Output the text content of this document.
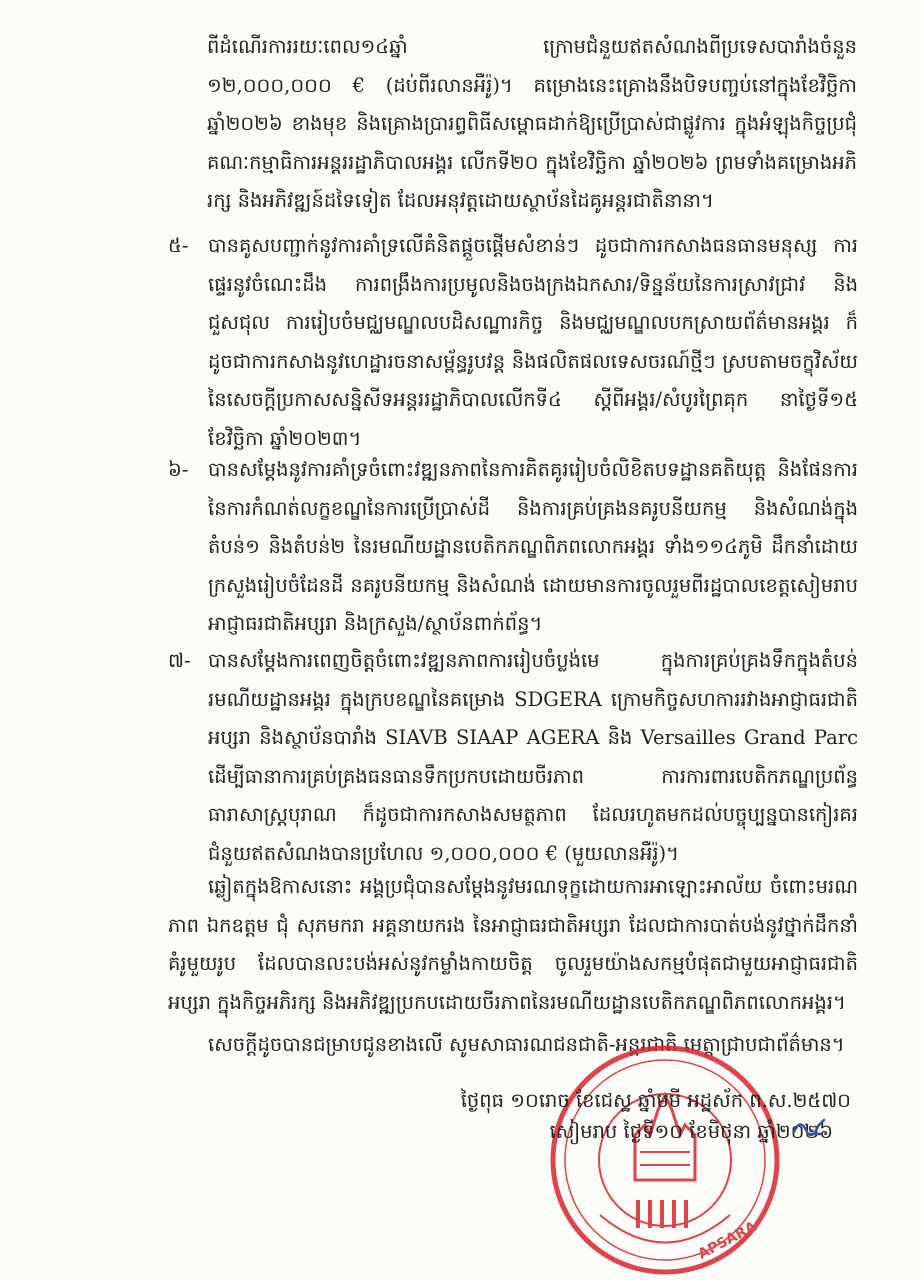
ពីដំណើរការរយៈពេល១៤ឆ្នាំ ក្រោមជំនួយឥតសំណងពីប្រទេសបារាំងចំនួន ១២,០០០,០០០ € (ដប់ពីរលានអឺរ៉ូ)។ គម្រោងនេះគ្រោងនឹងបិទបញ្ចប់នៅក្នុងខែវិច្ឆិកា ឆ្នាំ២០២៦ ខាងមុខ និងគ្រោងប្រារព្ធពិធីសម្ពោធដាក់ឱ្យប្រើប្រាស់ជាផ្លូវការ ក្នុងអំឡុងកិច្ចប្រជុំគណៈកម្មាធិការអន្តររដ្ឋាភិបាលអង្គរ លើកទី២០ ក្នុងខែវិច្ឆិកា ឆ្នាំ២០២៦ ព្រមទាំងគម្រោងអភិរក្ស និងអភិវឌ្ឍន៍ដទៃទៀត ដែលអនុវត្តដោយស្ថាប័នដៃគូអន្តរជាតិនានា។

៥-	បានគូសបញ្ជាក់នូវការគាំទ្រលើគំនិតផ្តួចផ្តើមសំខាន់ៗ ដូចជាការកសាងធនធានមនុស្ស ការផ្ទេរនូវចំណេះដឹង ការពង្រឹងការប្រមូលនិងចងក្រងឯកសារ/ទិន្នន័យនៃការស្រាវជ្រាវ និងជួសជុល ការរៀបចំមជ្ឈមណ្ឌលបដិសណ្ឋារកិច្ច និងមជ្ឈមណ្ឌលបកស្រាយព័ត៌មានអង្គរ ក៏ដូចជាការកសាងនូវហេដ្ឋារចនាសម្ព័ន្ធរូបវន្ត និងផលិតផលទេសចរណ៍ថ្មីៗ ស្របតាមចក្ខុវិស័យនៃសេចក្តីប្រកាសសន្និសីទអន្តររដ្ឋាភិបាលលើកទី៤ ស្តីពីអង្គរ/សំបូរព្រៃគុក នាថ្ងៃទី១៥ ខែវិច្ឆិកា ឆ្នាំ២០២៣។

៦-	បានសម្តែងនូវការគាំទ្រចំពោះវឌ្ឍនភាពនៃការគិតគូររៀបចំលិខិតបទដ្ឋានគតិយុត្ត និងផែនការនៃការកំណត់លក្ខខណ្ឌនៃការប្រើប្រាស់ដី និងការគ្រប់គ្រងនគរូបនីយកម្ម និងសំណង់ក្នុងតំបន់១ និងតំបន់២ នៃរមណីយដ្ឋានបេតិកភណ្ឌពិភពលោកអង្គរ ទាំង១១៤ភូមិ ដឹកនាំដោយក្រសួងរៀបចំដែនដី នគរូបនីយកម្ម និងសំណង់ ដោយមានការចូលរួមពីរដ្ឋបាលខេត្តសៀមរាប អាជ្ញាធរជាតិអប្សរា និងក្រសួង/ស្ថាប័នពាក់ព័ន្ធ។

៧- បានសម្តែងការពេញចិត្តចំពោះវឌ្ឍនភាពការរៀបចំប្លង់មេ ក្នុងការគ្រប់គ្រងទឹកក្នុងតំបន់រមណីយដ្ឋានអង្គរ ក្នុងក្របខណ្ឌនៃគម្រោង SDGERA ក្រោមកិច្ចសហការរវាងអាជ្ញាធរជាតិអប្សរា និងស្ថាប័នបារាំង SIAVB SIAAP AGERA និង Versailles Grand Parc ដើម្បីធានាការគ្រប់គ្រងធនធានទឹកប្រកបដោយចីរភាព ការការពារបេតិកភណ្ឌប្រព័ន្ធធារាសាស្ត្របុរាណ ក៏ដូចជាការកសាងសមត្ថភាព ដែលរហូតមកដល់បច្ចុប្បន្នបានកៀរគរជំនួយឥតសំណងបានប្រហែល ១,០០០,០០០ € (មួយលានអឺរ៉ូ)។

ឆ្លៀតក្នុងឱកាសនោះ អង្គប្រជុំបានសម្តែងនូវមរណទុក្ខដោយការអាឡោះអាល័យ ចំពោះមរណភាព ឯកឧត្តម ជុំ សុភមករា អគ្គនាយករង នៃអាជ្ញាធរជាតិអប្សរា ដែលជាការបាត់បង់នូវថ្នាក់ដឹកនាំគំរូមួយរូប ដែលបានលះបង់អស់នូវកម្លាំងកាយចិត្ត ចូលរួមយ៉ាងសកម្មបំផុតជាមួយអាជ្ញាធរជាតិអប្សរា ក្នុងកិច្ចអភិរក្ស និងអភិវឌ្ឍប្រកបដោយចីរភាពនៃរមណីយដ្ឋានបេតិកភណ្ឌពិភពលោកអង្គរ។

សេចក្តីដូចបានជម្រាបជូនខាងលើ សូមសាធារណជនជាតិ-អន្តរជាតិ មេត្តាជ្រាបជាព័ត៌មាន។

APSARA
ថ្ងៃពុធ ១០រោច ខែជេស្ឋ ឆ្នាំមមី អដ្ឋស័ក ព.ស.២៥៧០
សៀមរាប ថ្ងៃទី១០ ខែមិថុនា ឆ្នាំ២០២៦
